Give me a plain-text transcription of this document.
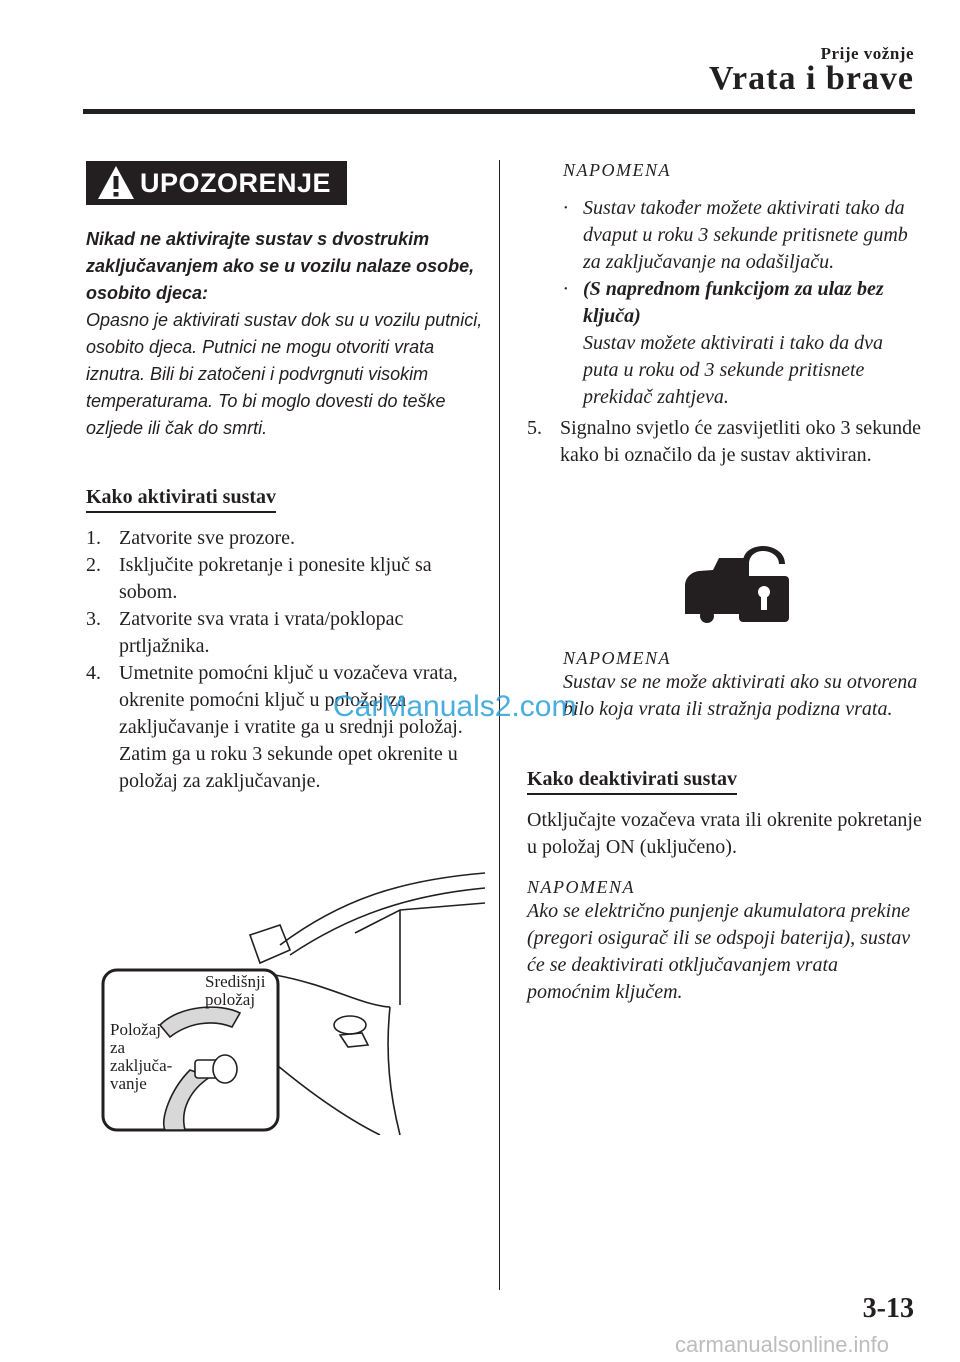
Prije vožnje
Vrata i brave
UPOZORENJE
Nikad ne aktivirajte sustav s dvostrukim zaključavanjem ako se u vozilu nalaze osobe, osobito djeca:
Opasno je aktivirati sustav dok su u vozilu putnici, osobito djeca. Putnici ne mogu otvoriti vrata iznutra. Bili bi zatočeni i podvrgnuti visokim temperaturama. To bi moglo dovesti do teške ozljede ili čak do smrti.
Kako aktivirati sustav
1. Zatvorite sve prozore.
2. Isključite pokretanje i ponesite ključ sa sobom.
3. Zatvorite sva vrata i vrata/poklopac prtljažnika.
4. Umetnite pomoćni ključ u vozačeva vrata, okrenite pomoćni ključ u položaj za zaključavanje i vratite ga u srednji položaj. Zatim ga u roku 3 sekunde opet okrenite u položaj za zaključavanje.
Središnji
položaj
Položaj
za
zaključa-
vanje
NAPOMENA
· Sustav također možete aktivirati tako da dvaput u roku 3 sekunde pritisnete gumb za zaključavanje na odašiljaču.
· (S naprednom funkcijom za ulaz bez ključa)
Sustav možete aktivirati i tako da dva puta u roku od 3 sekunde pritisnete prekidač zahtjeva.
5. Signalno svjetlo će zasvijetliti oko 3 sekunde kako bi označilo da je sustav aktiviran.
NAPOMENA
Sustav se ne može aktivirati ako su otvorena bilo koja vrata ili stražnja podizna vrata.
Kako deaktivirati sustav
Otključajte vozačeva vrata ili okrenite pokretanje u položaj ON (uključeno).
NAPOMENA
Ako se električno punjenje akumulatora prekine (pregori osigurač ili se odspoji baterija), sustav će se deaktivirati otključavanjem vrata pomoćnim ključem.
CarManuals2.com
carmanualsonline.info
3-13
